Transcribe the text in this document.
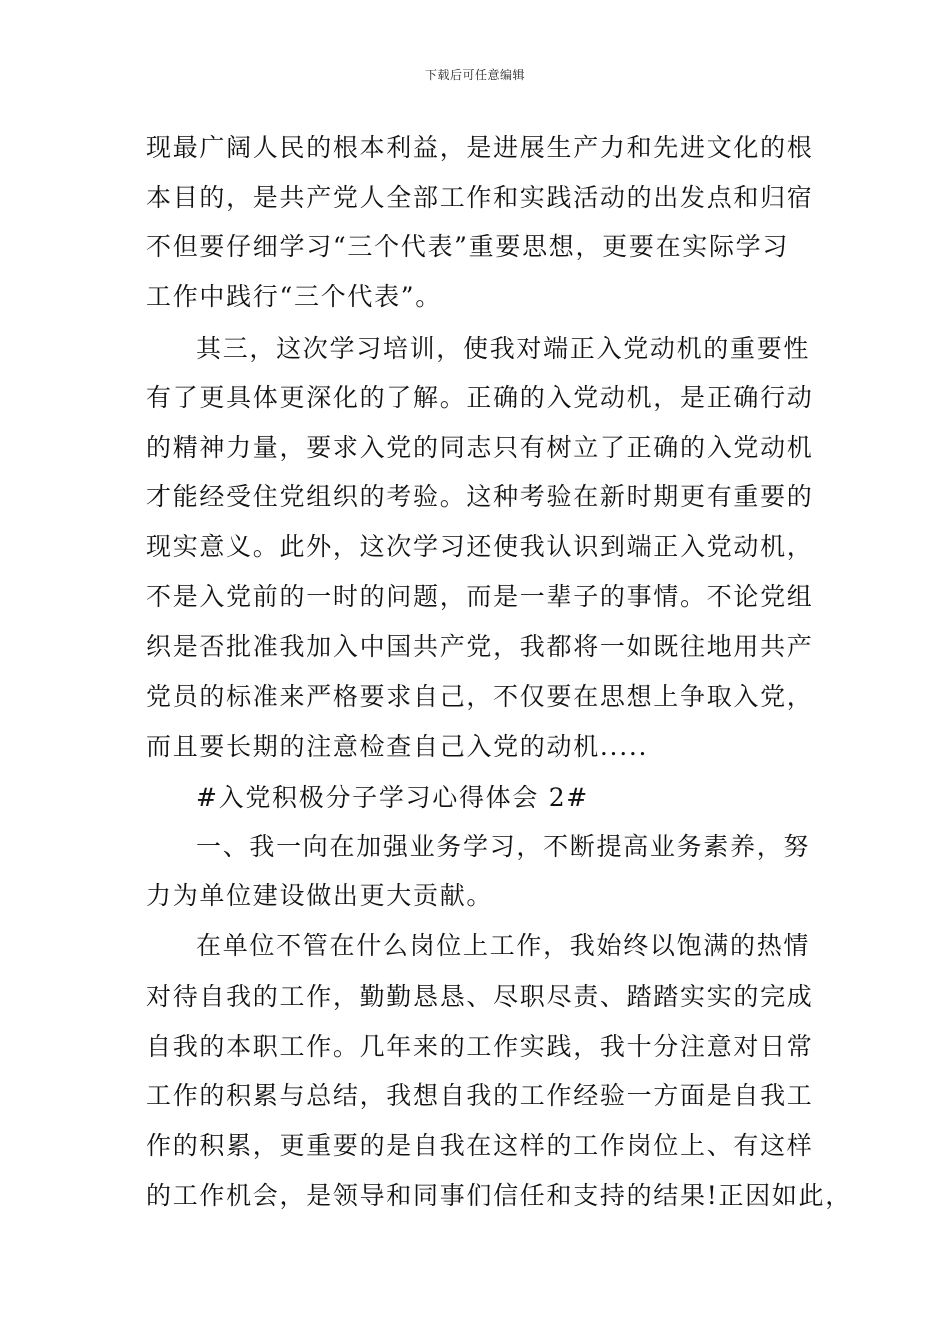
下载后可任意编辑
现最广阔人民的根本利益，是进展生产力和先进文化的根
本目的，是共产党人全部工作和实践活动的出发点和归宿
不但要仔细学习“三个代表”重要思想，更要在实际学习
工作中践行“三个代表”。
其三，这次学习培训，使我对端正入党动机的重要性
有了更具体更深化的了解。正确的入党动机，是正确行动
的精神力量，要求入党的同志只有树立了正确的入党动机
才能经受住党组织的考验。这种考验在新时期更有重要的
现实意义。此外，这次学习还使我认识到端正入党动机，
不是入党前的一时的问题，而是一辈子的事情。不论党组
织是否批准我加入中国共产党，我都将一如既往地用共产
党员的标准来严格要求自己，不仅要在思想上争取入党，
而且要长期的注意检查自己入党的动机.....
#入党积极分子学习心得体会 2#
一、我一向在加强业务学习，不断提高业务素养，努
力为单位建设做出更大贡献。
在单位不管在什么岗位上工作，我始终以饱满的热情
对待自我的工作，勤勤恳恳、尽职尽责、踏踏实实的完成
自我的本职工作。几年来的工作实践，我十分注意对日常
工作的积累与总结，我想自我的工作经验一方面是自我工
作的积累，更重要的是自我在这样的工作岗位上、有这样
的工作机会，是领导和同事们信任和支持的结果!正因如此，
